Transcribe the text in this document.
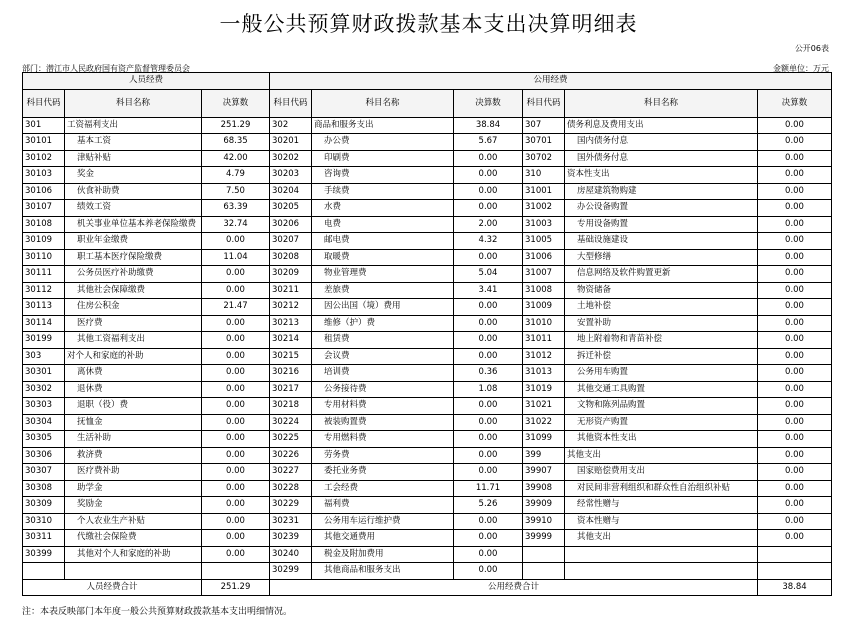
一般公共预算财政拨款基本支出决算明细表
公开06表
部门：潜江市人民政府国有资产监督管理委员会	金额单位：万元
人员经费			公用经费					
科目代码	科目名称	决算数	科目代码	科目名称	决算数	科目代码	科目名称	决算数
301	工资福利支出	251.29	302	商品和服务支出	38.84	307	债务利息及费用支出	0.00
30101	基本工资	68.35	30201	办公费	5.67	30701	国内债务付息	0.00
30102	津贴补贴	42.00	30202	印刷费	0.00	30702	国外债务付息	0.00
30103	奖金	4.79	30203	咨询费	0.00	310	资本性支出	0.00
30106	伙食补助费	7.50	30204	手续费	0.00	31001	房屋建筑物购建	0.00
30107	绩效工资	63.39	30205	水费	0.00	31002	办公设备购置	0.00
30108	机关事业单位基本养老保险缴费	32.74	30206	电费	2.00	31003	专用设备购置	0.00
30109	职业年金缴费	0.00	30207	邮电费	4.32	31005	基础设施建设	0.00
30110	职工基本医疗保险缴费	11.04	30208	取暖费	0.00	31006	大型修缮	0.00
30111	公务员医疗补助缴费	0.00	30209	物业管理费	5.04	31007	信息网络及软件购置更新	0.00
30112	其他社会保障缴费	0.00	30211	差旅费	3.41	31008	物资储备	0.00
30113	住房公积金	21.47	30212	因公出国（境）费用	0.00	31009	土地补偿	0.00
30114	医疗费	0.00	30213	维修（护）费	0.00	31010	安置补助	0.00
30199	其他工资福利支出	0.00	30214	租赁费	0.00	31011	地上附着物和青苗补偿	0.00
303	对个人和家庭的补助	0.00	30215	会议费	0.00	31012	拆迁补偿	0.00
30301	离休费	0.00	30216	培训费	0.36	31013	公务用车购置	0.00
30302	退休费	0.00	30217	公务接待费	1.08	31019	其他交通工具购置	0.00
30303	退职（役）费	0.00	30218	专用材料费	0.00	31021	文物和陈列品购置	0.00
30304	抚恤金	0.00	30224	被装购置费	0.00	31022	无形资产购置	0.00
30305	生活补助	0.00	30225	专用燃料费	0.00	31099	其他资本性支出	0.00
30306	救济费	0.00	30226	劳务费	0.00	399	其他支出	0.00
30307	医疗费补助	0.00	30227	委托业务费	0.00	39907	国家赔偿费用支出	0.00
30308	助学金	0.00	30228	工会经费	11.71	39908	对民间非营利组织和群众性自治组织补贴	0.00
30309	奖励金	0.00	30229	福利费	5.26	39909	经常性赠与	0.00
30310	个人农业生产补贴	0.00	30231	公务用车运行维护费	0.00	39910	资本性赠与	0.00
30311	代缴社会保险费	0.00	30239	其他交通费用	0.00	39999	其他支出	0.00
30399	其他对个人和家庭的补助	0.00	30240	税金及附加费用	0.00			
			30299	其他商品和服务支出	0.00			
人员经费合计		251.29	公用经费合计					38.84
注：本表反映部门本年度一般公共预算财政拨款基本支出明细情况。
